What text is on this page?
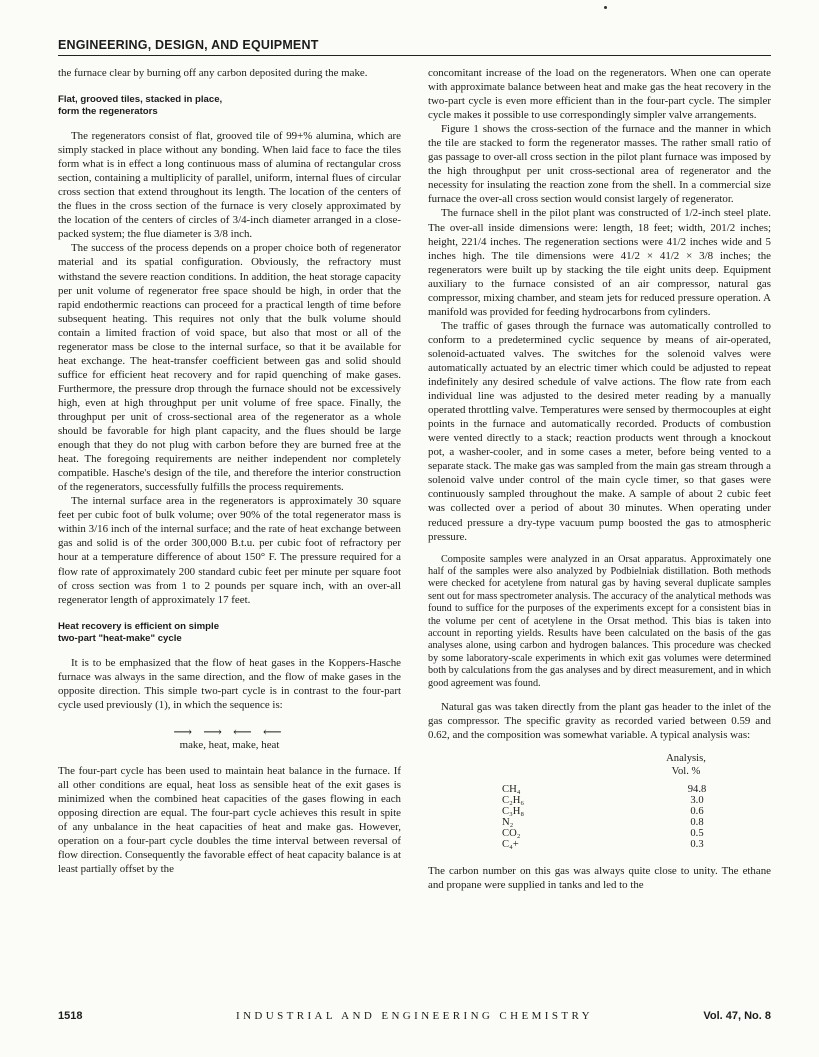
ENGINEERING, DESIGN, AND EQUIPMENT

the furnace clear by burning off any carbon deposited during the make.

Flat, grooved tiles, stacked in place,
form the regenerators

The regenerators consist of flat, grooved tile of 99+% alumina, which are simply stacked in place without any bonding. When laid face to face the tiles form what is in effect a long continuous mass of alumina of rectangular cross section, containing a multiplicity of parallel, uniform, internal flues of circular cross section that extend throughout its length. The location of the centers of the flues in the cross section of the furnace is very closely approximated by the location of the centers of circles of 3/4-inch diameter arranged in a close-packed system; the flue diameter is 3/8 inch.

The success of the process depends on a proper choice both of regenerator material and its spatial configuration. Obviously, the refractory must withstand the severe reaction conditions. In addition, the heat storage capacity per unit volume of regenerator free space should be high, in order that the rapid endothermic reactions can proceed for a practical length of time before subsequent heating. This requires not only that the bulk volume should contain a limited fraction of void space, but also that most or all of the regenerator mass be close to the internal surface, so that it be available for heat exchange. The heat-transfer coefficient between gas and solid should suffice for efficient heat recovery and for rapid quenching of make gases. Furthermore, the pressure drop through the furnace should not be excessively high, even at high throughput per unit volume of free space. Finally, the throughput per unit of cross-sectional area of the regenerator as a whole should be favorable for high plant capacity, and the flues should be large enough that they do not plug with carbon before they are burned free at the heat. The foregoing requirements are neither independent nor completely compatible. Hasche's design of the tile, and therefore the interior construction of the regenerators, successfully fulfills the process requirements.

The internal surface area in the regenerators is approximately 30 square feet per cubic foot of bulk volume; over 90% of the total regenerator mass is within 3/16 inch of the internal surface; and the rate of heat exchange between gas and solid is of the order 300,000 B.t.u. per cubic foot of refractory per hour at a temperature difference of about 150° F. The pressure required for a flow rate of approximately 200 standard cubic feet per minute per square foot of cross section was from 1 to 2 pounds per square inch, with an over-all regenerator length of approximately 17 feet.

Heat recovery is efficient on simple
two-part "heat-make" cycle

It is to be emphasized that the flow of heat gases in the Koppers-Hasche furnace was always in the same direction, and the flow of make gases in the opposite direction. This simple two-part cycle is in contrast to the four-part cycle used previously (1), in which the sequence is:

⟶ ⟶ ⟵ ⟵
make, heat, make, heat

The four-part cycle has been used to maintain heat balance in the furnace. If all other conditions are equal, heat loss as sensible heat of the exit gases is minimized when the combined heat capacities of the gases flowing in each opposing direction are equal. The four-part cycle achieves this result in spite of any unbalance in the heat capacities of heat and make gas. However, operation on a four-part cycle doubles the time interval between reversal of flow direction. Consequently the favorable effect of heat capacity balance is at least partially offset by the

concomitant increase of the load on the regenerators. When one can operate with approximate balance between heat and make gas the heat recovery in the two-part cycle is even more efficient than in the four-part cycle. The simpler cycle makes it possible to use correspondingly simpler valve arrangements.

Figure 1 shows the cross-section of the furnace and the manner in which the tile are stacked to form the regenerator masses. The rather small ratio of gas passage to over-all cross section in the pilot plant furnace was imposed by the high throughput per unit cross-sectional area of regenerator and the necessity for insulating the reaction zone from the shell. In a commercial size furnace the over-all cross section would consist largely of regenerator.

The furnace shell in the pilot plant was constructed of 1/2-inch steel plate. The over-all inside dimensions were: length, 18 feet; width, 201/2 inches; height, 221/4 inches. The regeneration sections were 41/2 inches wide and 5 inches high. The tile dimensions were 41/2 × 41/2 × 3/8 inches; the regenerators were built up by stacking the tile eight units deep. Equipment auxiliary to the furnace consisted of an air compressor, natural gas compressor, mixing chamber, and steam jets for reduced pressure operation. A manifold was provided for feeding hydrocarbons from cylinders.

The traffic of gases through the furnace was automatically controlled to conform to a predetermined cyclic sequence by means of air-operated, solenoid-actuated valves. The switches for the solenoid valves were automatically actuated by an electric timer which could be adjusted to repeat indefinitely any desired schedule of valve actions. The flow rate from each individual line was adjusted to the desired meter reading by a manually operated throttling valve. Temperatures were sensed by thermocouples at eight points in the furnace and automatically recorded. Products of combustion were vented directly to a stack; reaction products went through a knockout pot, a washer-cooler, and in some cases a meter, before being vented to a separate stack. The make gas was sampled from the main gas stream through a solenoid valve under control of the main cycle timer, so that gases were continuously sampled throughout the make. A sample of about 2 cubic feet was collected over a period of about 30 minutes. When operating under reduced pressure a dry-type vacuum pump boosted the gas to atmospheric pressure.

Composite samples were analyzed in an Orsat apparatus. Approximately one half of the samples were also analyzed by Podbielniak distillation. Both methods were checked for acetylene from natural gas by having several duplicate samples sent out for mass spectrometer analysis. The accuracy of the analytical methods was found to suffice for the purposes of the experiments except for a consistent bias in the volume per cent of acetylene in the Orsat method. This bias is taken into account in reporting yields. Results have been calculated on the basis of the gas analyses alone, using carbon and hydrogen balances. This procedure was checked by some laboratory-scale experiments in which exit gas volumes were determined both by calculations from the gas analyses and by direct measurement, and in which good agreement was found.

Natural gas was taken directly from the plant gas header to the inlet of the gas compressor. The specific gravity as recorded varied between 0.59 and 0.62, and the composition was somewhat variable. A typical analysis was:

Analysis,
Vol. %
CH₄	94.8
C₂H₆	3.0
C₃H₈	0.6
N₂	0.8
CO₂	0.5
C₄+	0.3

The carbon number on this gas was always quite close to unity. The ethane and propane were supplied in tanks and led to the

1518	INDUSTRIAL AND ENGINEERING CHEMISTRY	Vol. 47, No. 8
